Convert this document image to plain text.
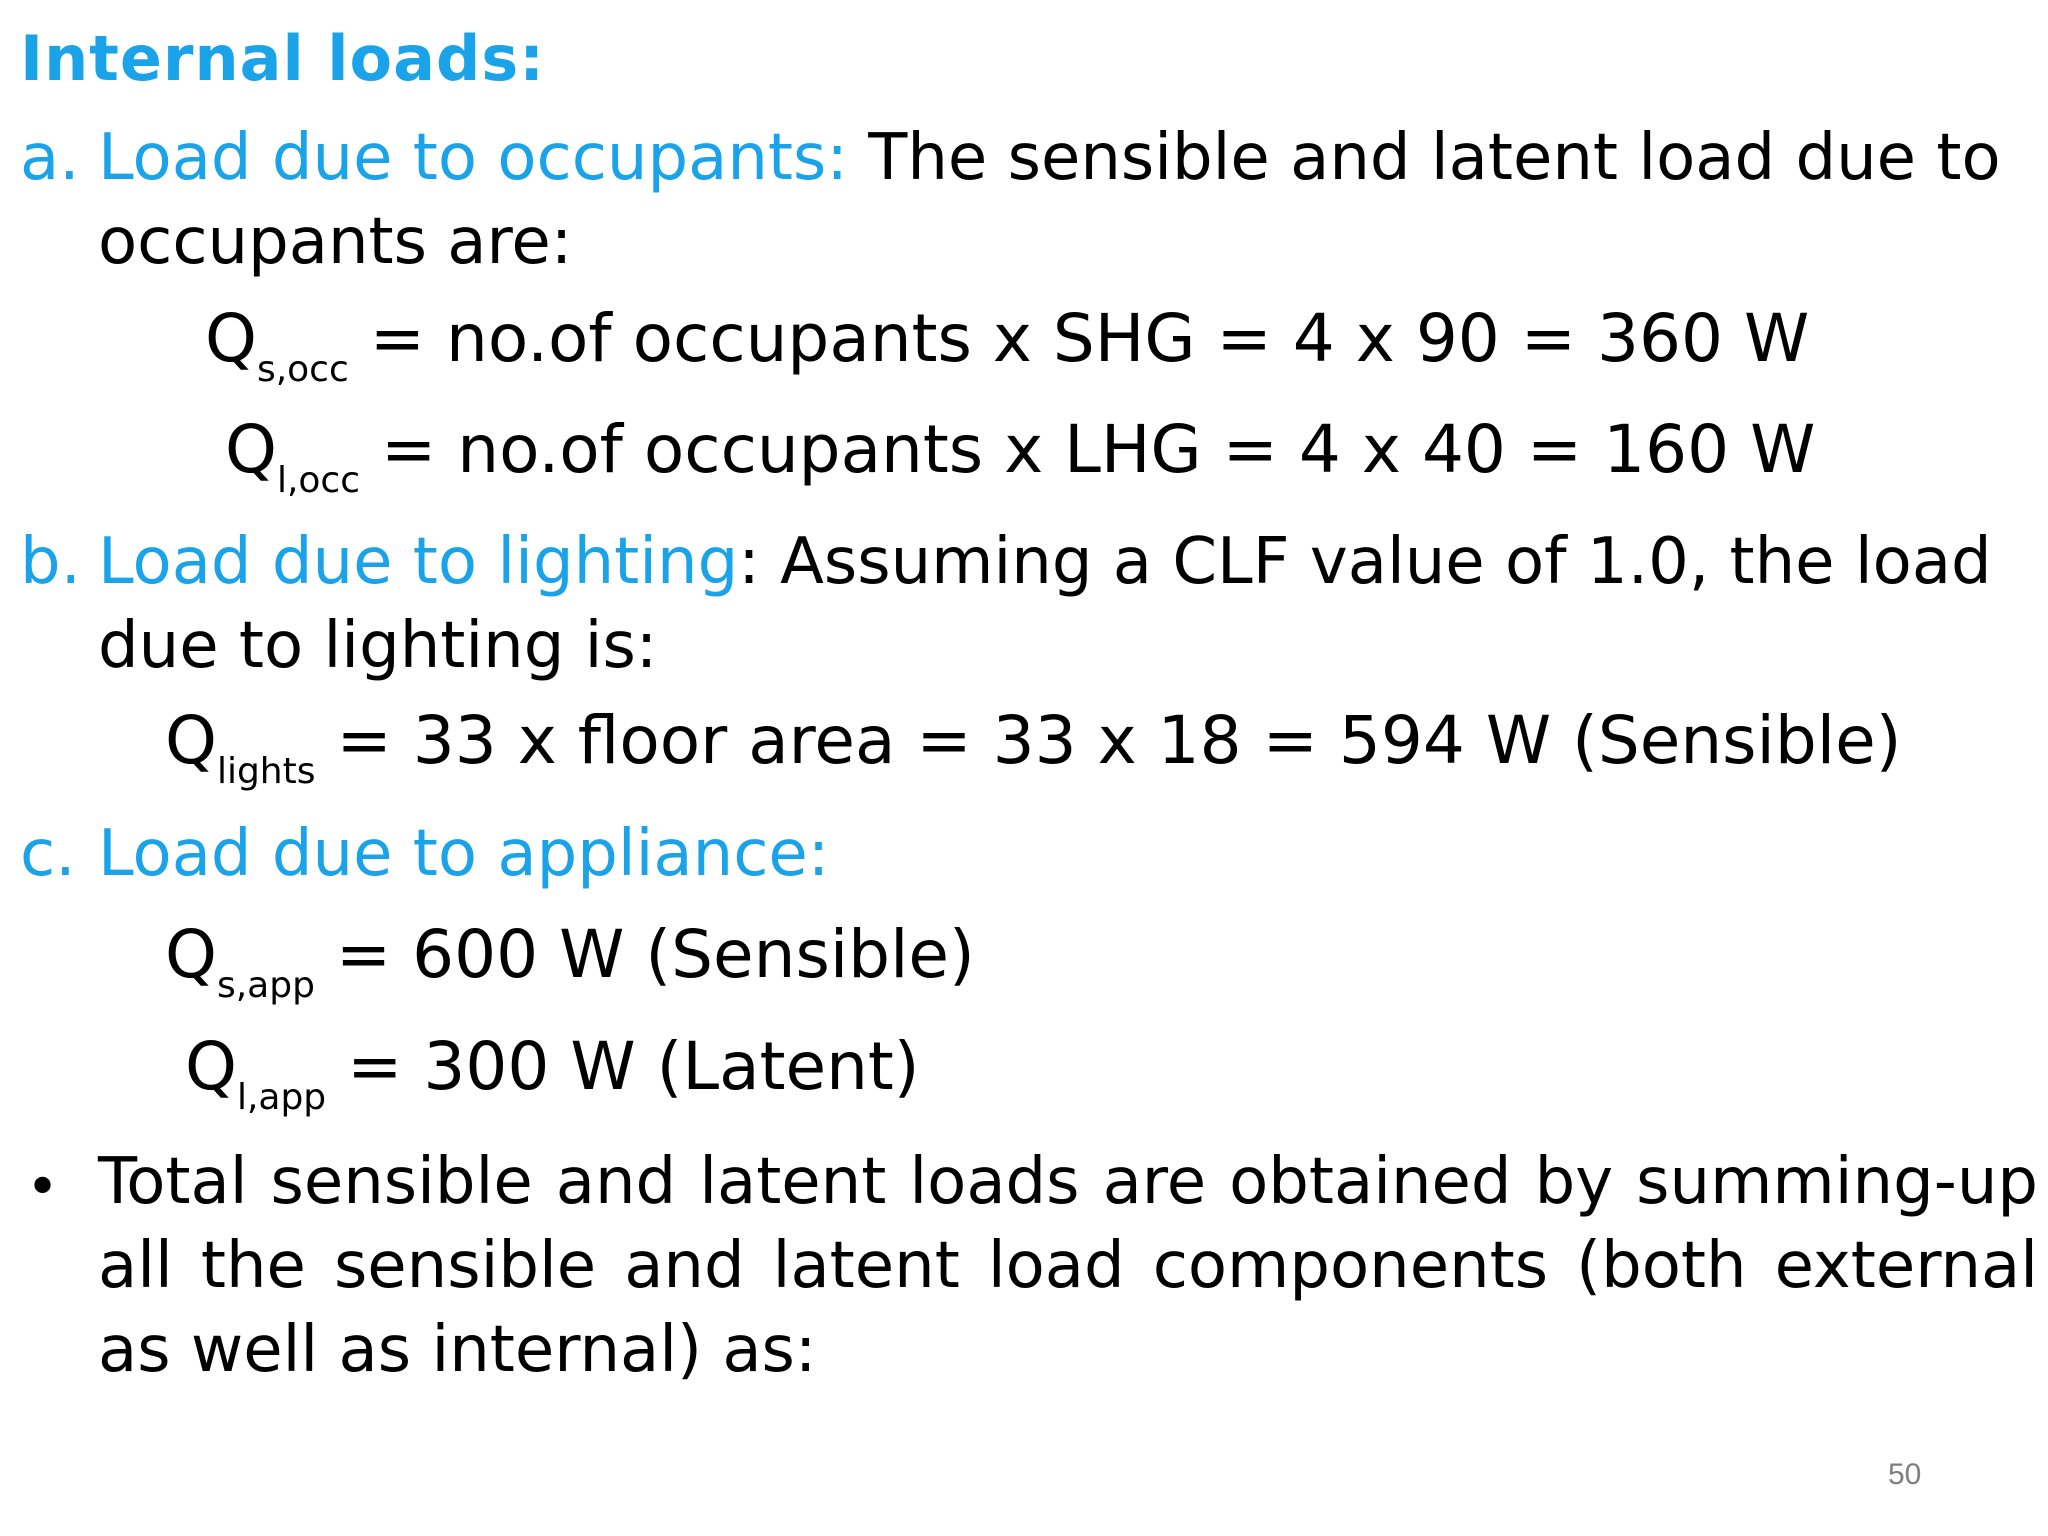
Internal loads:
a. Load due to occupants: The sensible and latent load due to
occupants are:
$Q_{s,occ} = no.of$ occupants x SHG = 4 x 90 = 360 W
$Q_{l,occ} = no.of$ occupants x LHG = 4 x 40 = 160 W
b. Load due to lighting: Assuming a CLF value of 1.0, the load
due to lighting is:
$Q_{lights} = 33$ x floor area = 33 x 18 = 594 W (Sensible)
c. Load due to appliance:
$Q_{s,app} = 600$ W (Sensible)
$Q_{l,app} = 300$ W (Latent)
• Total sensible and latent loads are obtained by summing-up all the sensible and latent load components (both external as well as internal) as:
50
